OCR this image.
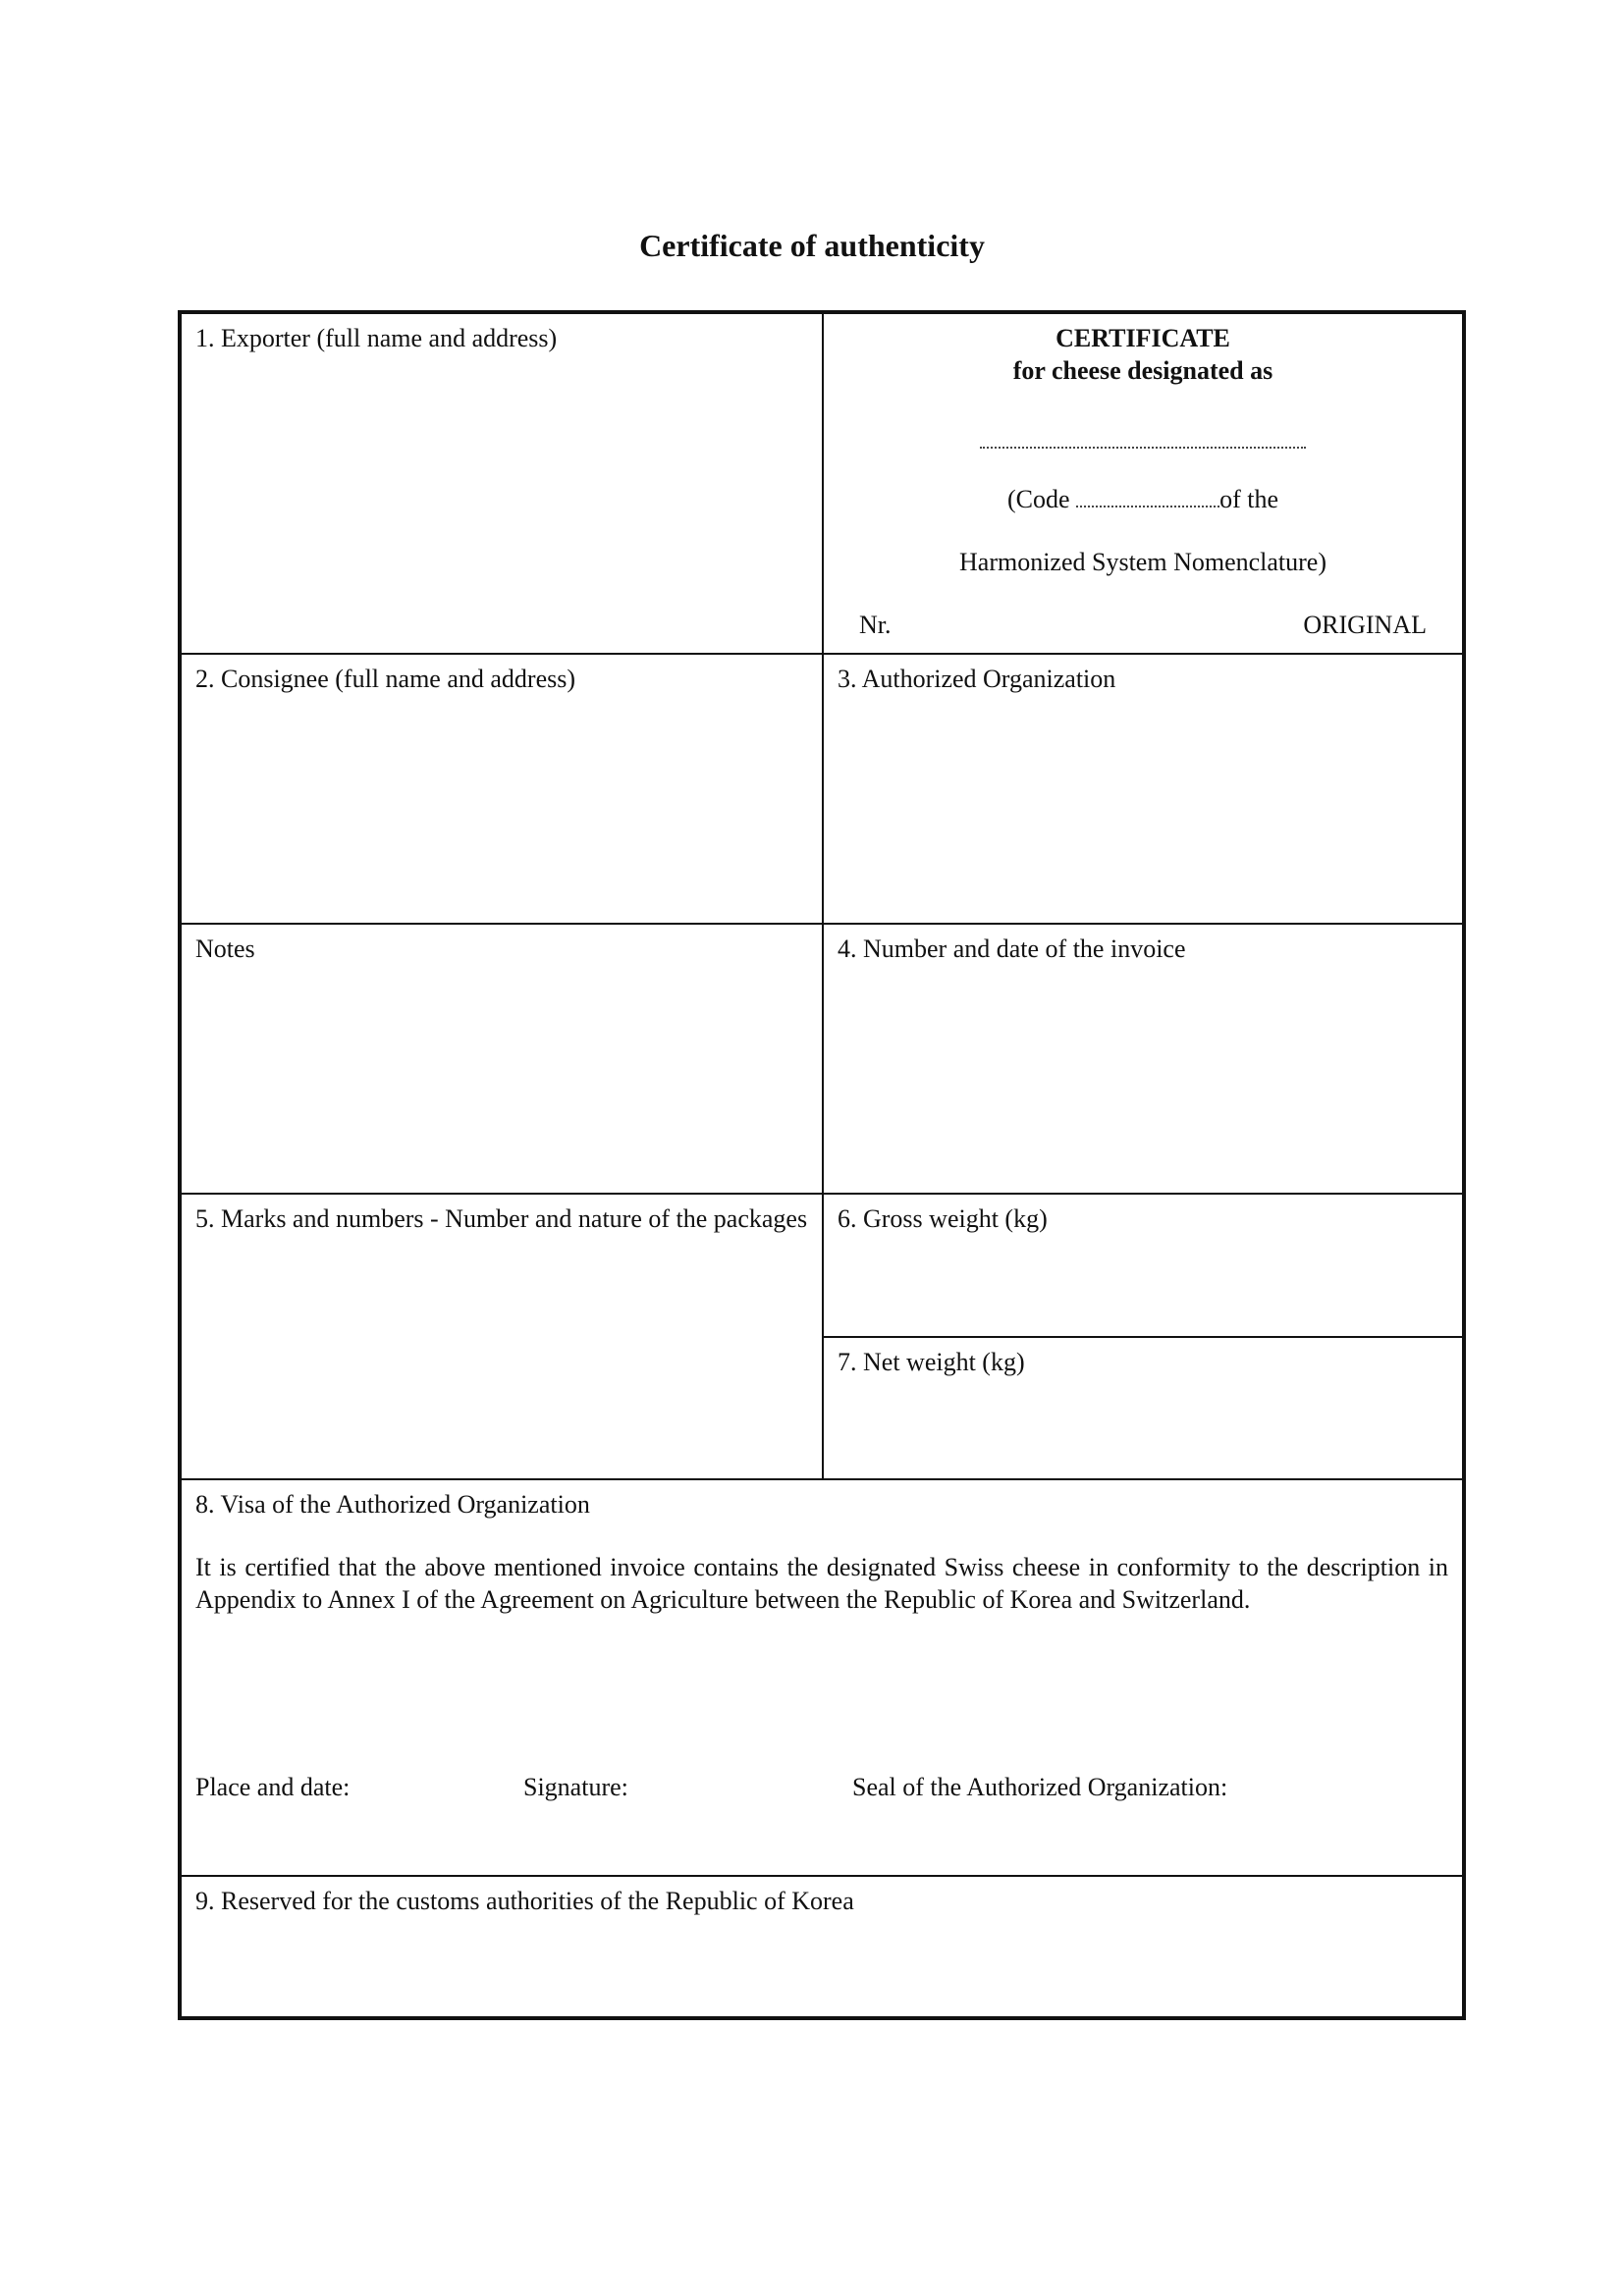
Certificate of authenticity
1. Exporter (full name and address)	CERTIFICATE
for cheese designated as
(Code	of the
Harmonized System Nomenclature)
Nr.	ORIGINAL
2. Consignee (full name and address)	3. Authorized Organization
Notes	4. Number and date of the invoice
5. Marks and numbers - Number and nature of the packages	6. Gross weight (kg)
7. Net weight (kg)
8. Visa of the Authorized Organization
It is certified that the above mentioned invoice contains the designated Swiss cheese in conformity to the description in Appendix to Annex I of the Agreement on Agriculture between the Republic of Korea and Switzerland.
Place and date:	Signature:	Seal of the Authorized Organization:
9. Reserved for the customs authorities of the Republic of Korea
